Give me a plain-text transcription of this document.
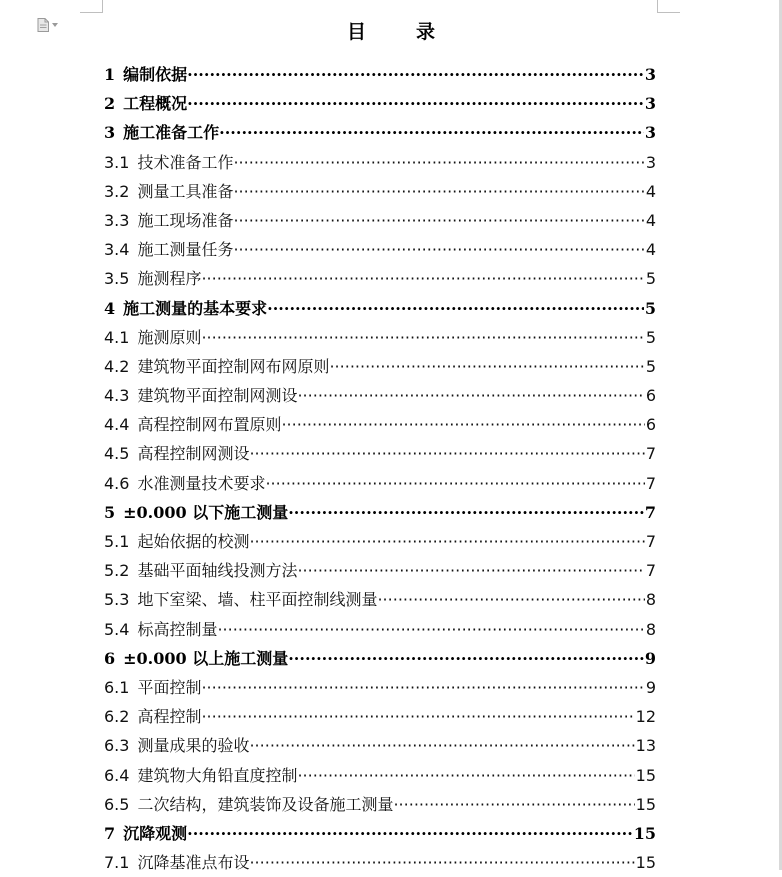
目	录
1 编制依据 ·····	3
2 工程概况 ·····	3
3 施工准备工作 ·····	3
3.1 技术准备工作 ·····	3
3.2 测量工具准备 ·····	4
3.3 施工现场准备 ·····	4
3.4 施工测量任务 ·····	4
3.5 施测程序 ·····	5
4 施工测量的基本要求 ·····	5
4.1 施测原则 ·····	5
4.2 建筑物平面控制网布网原则 ·····	5
4.3 建筑物平面控制网测设 ·····	6
4.4 高程控制网布置原则 ·····	6
4.5 高程控制网测设 ·····	7
4.6 水准测量技术要求 ·····	7
5 ±0.000 以下施工测量 ·····	7
5.1 起始依据的校测 ·····	7
5.2 基础平面轴线投测方法 ·····	7
5.3 地下室梁、墙、柱平面控制线测量 ·····	8
5.4 标高控制量 ·····	8
6 ±0.000 以上施工测量 ·····	9
6.1 平面控制 ·····	9
6.2 高程控制 ·····	12
6.3 测量成果的验收 ·····	13
6.4 建筑物大角铅直度控制 ·····	15
6.5 二次结构，建筑装饰及设备施工测量 ·····	15
7 沉降观测 ·····	15
7.1 沉降基准点布设 ·····	15
